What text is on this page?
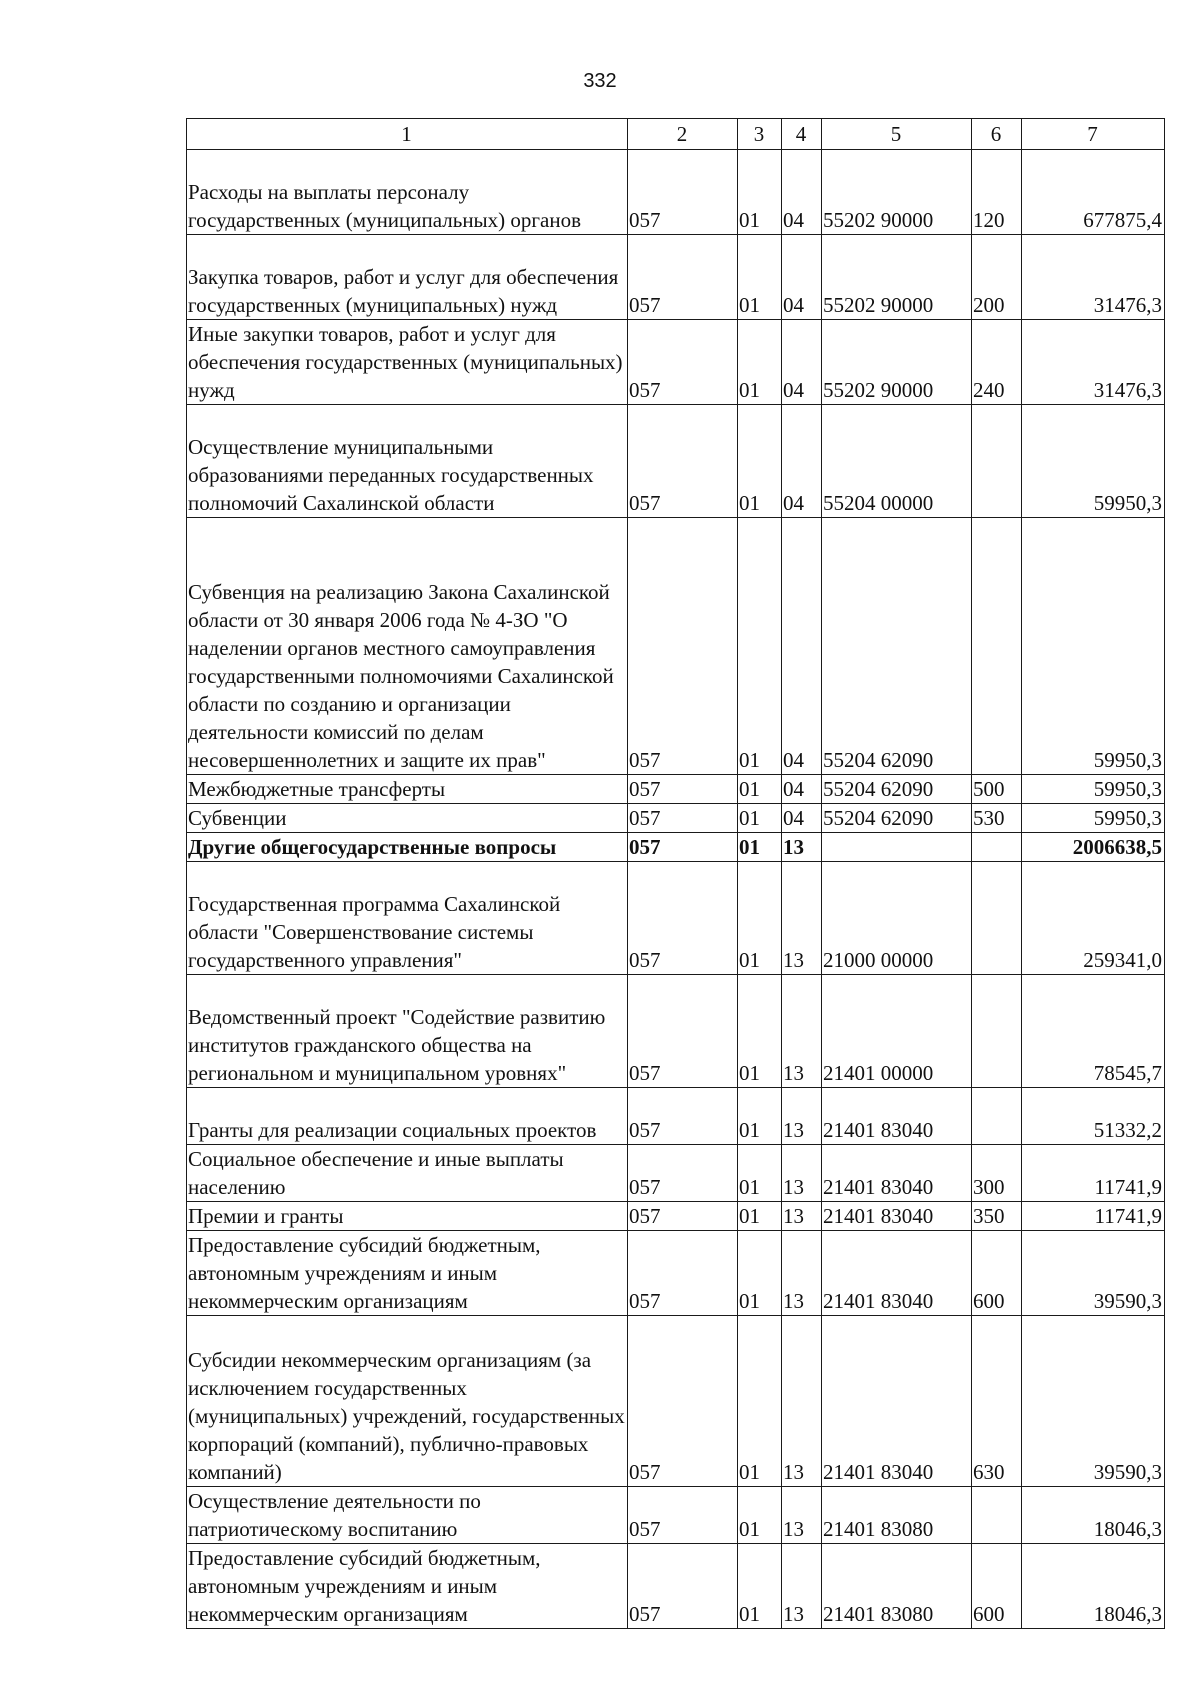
332
1	2	3	4	5	6	7
Расходы на выплаты персоналу государственных (муниципальных) органов	057	01	04	55202 90000	120	677875,4
Закупка товаров, работ и услуг для обеспечения государственных (муниципальных) нужд	057	01	04	55202 90000	200	31476,3
Иные закупки товаров, работ и услуг для обеспечения государственных (муниципальных) нужд	057	01	04	55202 90000	240	31476,3
Осуществление муниципальными образованиями переданных государственных полномочий Сахалинской области	057	01	04	55204 00000		59950,3
Субвенция на реализацию Закона Сахалинской области от 30 января 2006 года № 4-ЗО "О наделении органов местного самоуправления государственными полномочиями Сахалинской области по созданию и организации деятельности комиссий по делам несовершеннолетних и защите их прав"	057	01	04	55204 62090		59950,3
Межбюджетные трансферты	057	01	04	55204 62090	500	59950,3
Субвенции	057	01	04	55204 62090	530	59950,3
Другие общегосударственные вопросы	057	01	13			2006638,5
Государственная программа Сахалинской области "Совершенствование системы государственного управления"	057	01	13	21000 00000		259341,0
Ведомственный проект "Содействие развитию институтов гражданского общества на региональном и муниципальном уровнях"	057	01	13	21401 00000		78545,7
Гранты для реализации социальных проектов	057	01	13	21401 83040		51332,2
Социальное обеспечение и иные выплаты населению	057	01	13	21401 83040	300	11741,9
Премии и гранты	057	01	13	21401 83040	350	11741,9
Предоставление субсидий бюджетным, автономным учреждениям и иным некоммерческим организациям	057	01	13	21401 83040	600	39590,3
Субсидии некоммерческим организациям (за исключением государственных (муниципальных) учреждений, государственных корпораций (компаний), публично-правовых компаний)	057	01	13	21401 83040	630	39590,3
Осуществление деятельности по патриотическому воспитанию	057	01	13	21401 83080		18046,3
Предоставление субсидий бюджетным, автономным учреждениям и иным некоммерческим организациям	057	01	13	21401 83080	600	18046,3
